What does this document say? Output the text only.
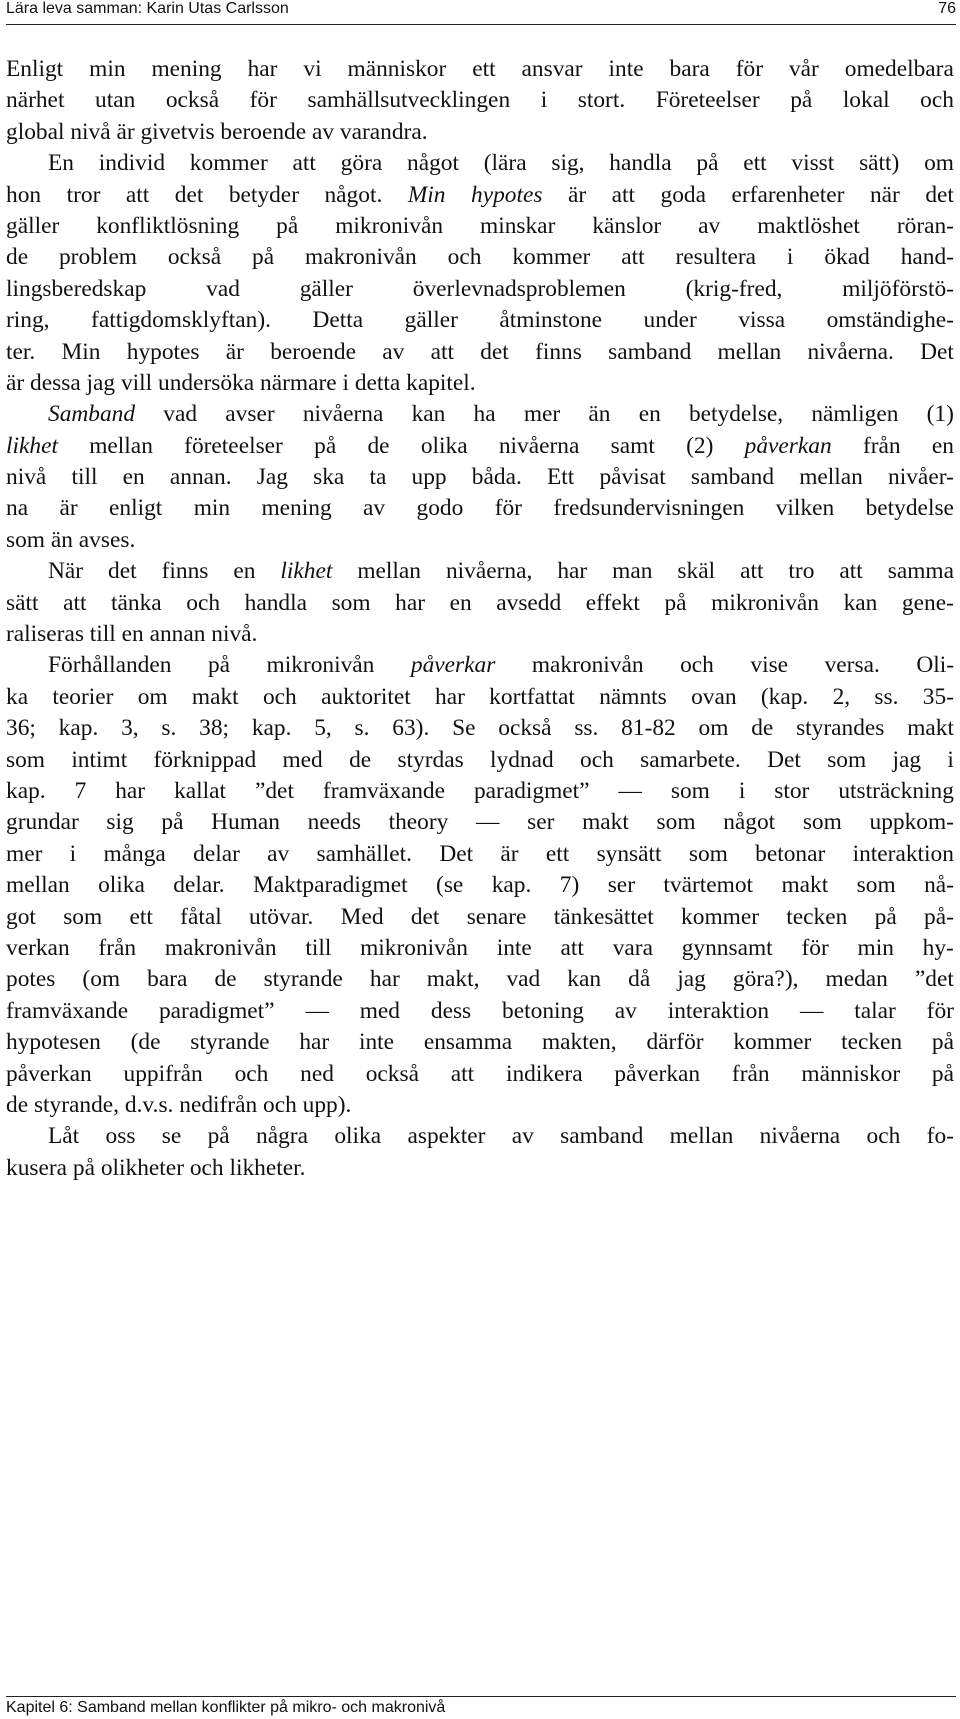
Lära leva samman: Karin Utas Carlsson	76
Enligt min mening har vi människor ett ansvar inte bara för vår omedelbara
närhet utan också för samhällsutvecklingen i stort. Företeelser på lokal och
global nivå är givetvis beroende av varandra.
En individ kommer att göra något (lära sig, handla på ett visst sätt) om
hon tror att det betyder något. Min hypotes är att goda erfarenheter när det
gäller konfliktlösning på mikronivån minskar känslor av maktlöshet röran-
de problem också på makronivån och kommer att resultera i ökad hand-
lingsberedskap	vad	gäller	överlevnadsproblemen	(krig-fred,	miljöförstö-
ring, fattigdomsklyftan). Detta gäller åtminstone under vissa omständighe-
ter. Min hypotes är beroende av att det finns samband mellan nivåerna. Det
är dessa jag vill undersöka närmare i detta kapitel.
Samband vad avser nivåerna kan ha mer än en betydelse, nämligen (1)
likhet mellan företeelser på de olika nivåerna samt (2) påverkan från en
nivå till en annan. Jag ska ta upp båda. Ett påvisat samband mellan nivåer-
na är enligt min mening av godo för fredsundervisningen vilken betydelse
som än avses.
När det finns en likhet mellan nivåerna, har man skäl att tro att samma
sätt att tänka och handla som har en avsedd effekt på mikronivån kan gene-
raliseras till en annan nivå.
Förhållanden på mikronivån påverkar makronivån och vise versa. Oli-
ka teorier om makt och auktoritet har kortfattat nämnts ovan (kap. 2, ss. 35-
36; kap. 3, s. 38; kap. 5, s. 63). Se också ss. 81-82 om de styrandes makt
som intimt förknippad med de styrdas lydnad och samarbete. Det som jag i
kap. 7 har kallat ”det framväxande paradigmet” — som i stor utsträckning
grundar sig på Human needs theory — ser makt som något som uppkom-
mer i många delar av samhället. Det är ett synsätt som betonar interaktion
mellan olika delar. Maktparadigmet (se kap. 7) ser tvärtemot makt som nå-
got som ett fåtal utövar. Med det senare tänkesättet kommer tecken på på-
verkan från makronivån till mikronivån inte att vara gynnsamt för min hy-
potes (om bara de styrande har makt, vad kan då jag göra?), medan ”det
framväxande paradigmet” — med dess betoning av interaktion — talar för
hypotesen (de styrande har inte ensamma makten, därför kommer tecken på
påverkan uppifrån och ned också att indikera påverkan från människor på
de styrande, d.v.s. nedifrån och upp).
Låt oss se på några olika aspekter av samband mellan nivåerna och fo-
kusera på olikheter och likheter.
Kapitel 6: Samband mellan konflikter på mikro- och makronivå
